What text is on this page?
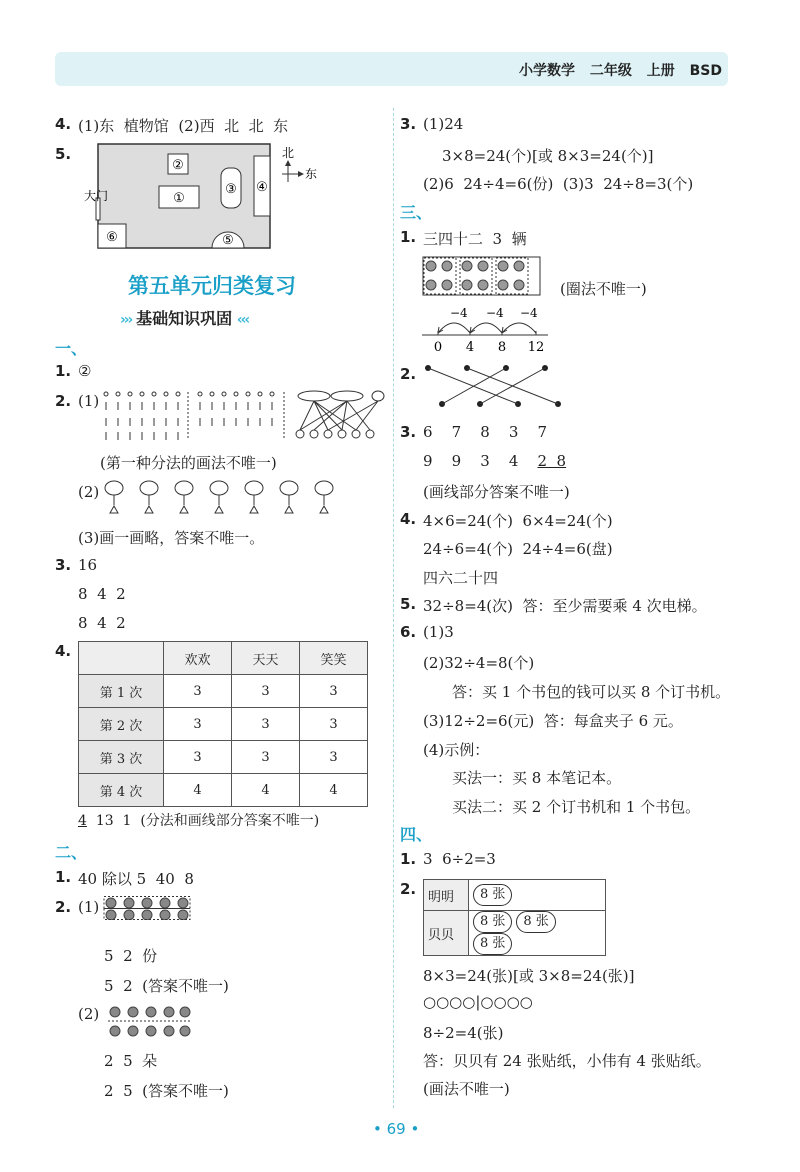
小学数学 二年级 上册 BSD
4. (1)东  植物馆  (2)西  北  北  东
5.
②
①
③ ④
⑥	⑤
大门
北
东
第五单元归类复习
››› 基础知识巩固 ‹‹‹
一、
1. ②
2. (1)
(第一种分法的画法不唯一)
(2)
(3)画一画略，答案不唯一。
3. 16
8  4  2
8  4  2
4.
		欢欢	天天	笑笑
第 1 次	3	3	3
第 2 次	3	3	3
第 3 次	3	3	3
第 4 次	4	4	4
4  13  1  (分法和画线部分答案不唯一)
二、
1. 40 除以 5  40  8
2. (1)
5  2  份
5  2  (答案不唯一)
(2)
2  5  朵
2  5  (答案不唯一)
3. (1)24
3×8=24(个)[或 8×3=24(个)]
(2)6  24÷4=6(份)  (3)3  24÷8=3(个)
三、
1. 三四十二  3  辆
(圈法不唯一)
−4
−4
−4
0 4 8 12
2.
3. 6    7    8    3    7
9    9    3    4    2  8
(画线部分答案不唯一)
4. 4×6=24(个)  6×4=24(个)
24÷6=4(个)  24÷4=6(盘)
四六二十四
5. 32÷8=4(次)  答：至少需要乘 4 次电梯。
6. (1)3
(2)32÷4=8(个)
答：买 1 个书包的钱可以买 8 个订书机。
(3)12÷2=6(元)  答：每盒夹子 6 元。
(4)示例：
买法一：买 8 本笔记本。
买法二：买 2 个订书机和 1 个书包。
四、
1. 3  6÷2=3
2. 明明	8 张
贝贝	8 张 8 张8 张
8×3=24(张)[或 3×8=24(张)]
○○○○|○○○○
8÷2=4(张)
答：贝贝有 24 张贴纸，小伟有 4 张贴纸。
(画法不唯一)
• 69 •
